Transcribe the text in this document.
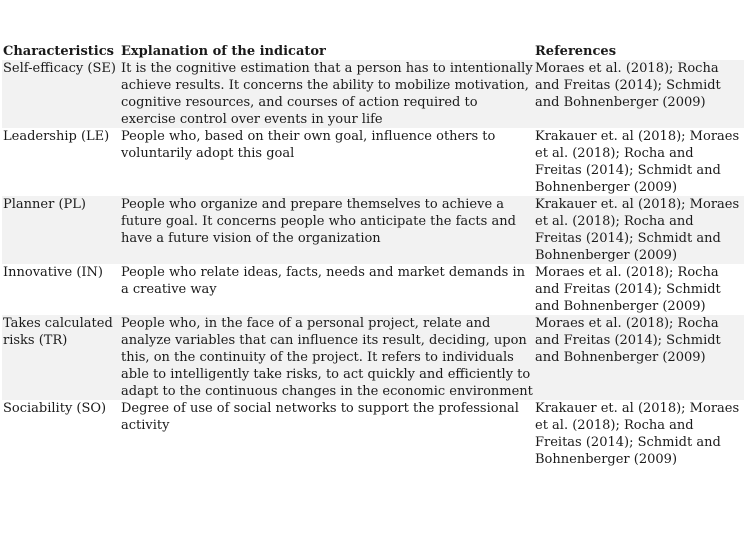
Characteristics	Explanation of the indicator	References
Self-efficacy (SE)	It is the cognitive estimation that a person has to intentionally achieve results. It concerns the ability to mobilize motivation, cognitive resources, and courses of action required to exercise control over events in your life	Moraes et al. (2018); Rocha and Freitas (2014); Schmidt and Bohnenberger (2009)
Leadership (LE)	People who, based on their own goal, influence others to voluntarily adopt this goal	Krakauer et. al (2018); Moraes et al. (2018); Rocha and Freitas (2014); Schmidt and Bohnenberger (2009)
Planner (PL)	People who organize and prepare themselves to achieve a future goal. It concerns people who anticipate the facts and have a future vision of the organization	Krakauer et. al (2018); Moraes et al. (2018); Rocha and Freitas (2014); Schmidt and Bohnenberger (2009)
Innovative (IN)	People who relate ideas, facts, needs and market demands in a creative way	Moraes et al. (2018); Rocha and Freitas (2014); Schmidt and Bohnenberger (2009)
Takes calculated risks (TR)	People who, in the face of a personal project, relate and analyze variables that can influence its result, deciding, upon this, on the continuity of the project. It refers to individuals able to intelligently take risks, to act quickly and efficiently to adapt to the continuous changes in the economic environment	Moraes et al. (2018); Rocha and Freitas (2014); Schmidt and Bohnenberger (2009)
Sociability (SO)	Degree of use of social networks to support the professional activity	Krakauer et. al (2018); Moraes et al. (2018); Rocha and Freitas (2014); Schmidt and Bohnenberger (2009)
